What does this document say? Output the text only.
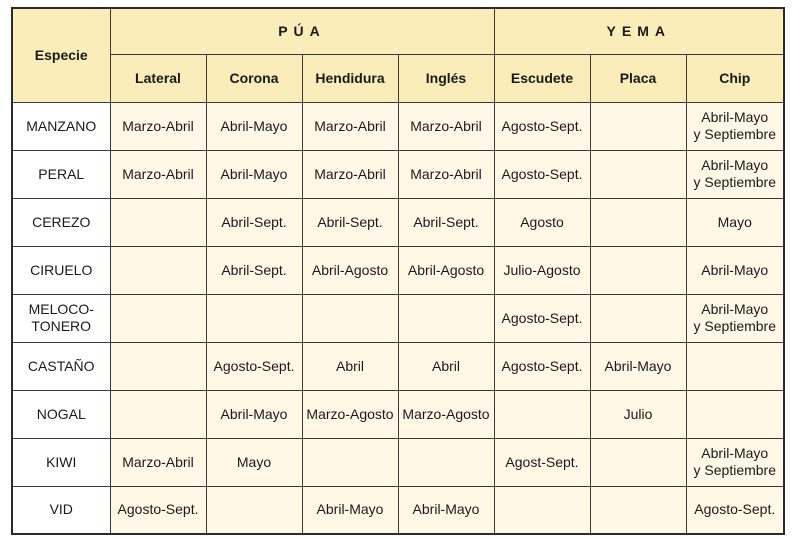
Especie	PÚA				YEMA		
	Lateral	Corona	Hendidura	Inglés	Escudete	Placa	Chip

MANZANO	Marzo-Abril	Abril-Mayo	Marzo-Abril	Marzo-Abril	Agosto-Sept.		Abril-Mayo
y Septiembre

PERAL	Marzo-Abril	Abril-Mayo	Marzo-Abril	Marzo-Abril	Agosto-Sept.		Abril-Mayo
y Septiembre

CEREZO		Abril-Sept.	Abril-Sept.	Abril-Sept.	Agosto		Mayo

CIRUELO		Abril-Sept.	Abril-Agosto	Abril-Agosto	Julio-Agosto		Abril-Mayo

MELOCO-
TONERO					Agosto-Sept.		Abril-Mayo
y Septiembre

CASTAÑO		Agosto-Sept.	Abril	Abril	Agosto-Sept.	Abril-Mayo	

NOGAL		Abril-Mayo	Marzo-Agosto	Marzo-Agosto		Julio	

KIWI	Marzo-Abril	Mayo			Agost-Sept.		Abril-Mayo
y Septiembre

VID	Agosto-Sept.		Abril-Mayo	Abril-Mayo			Agosto-Sept.
